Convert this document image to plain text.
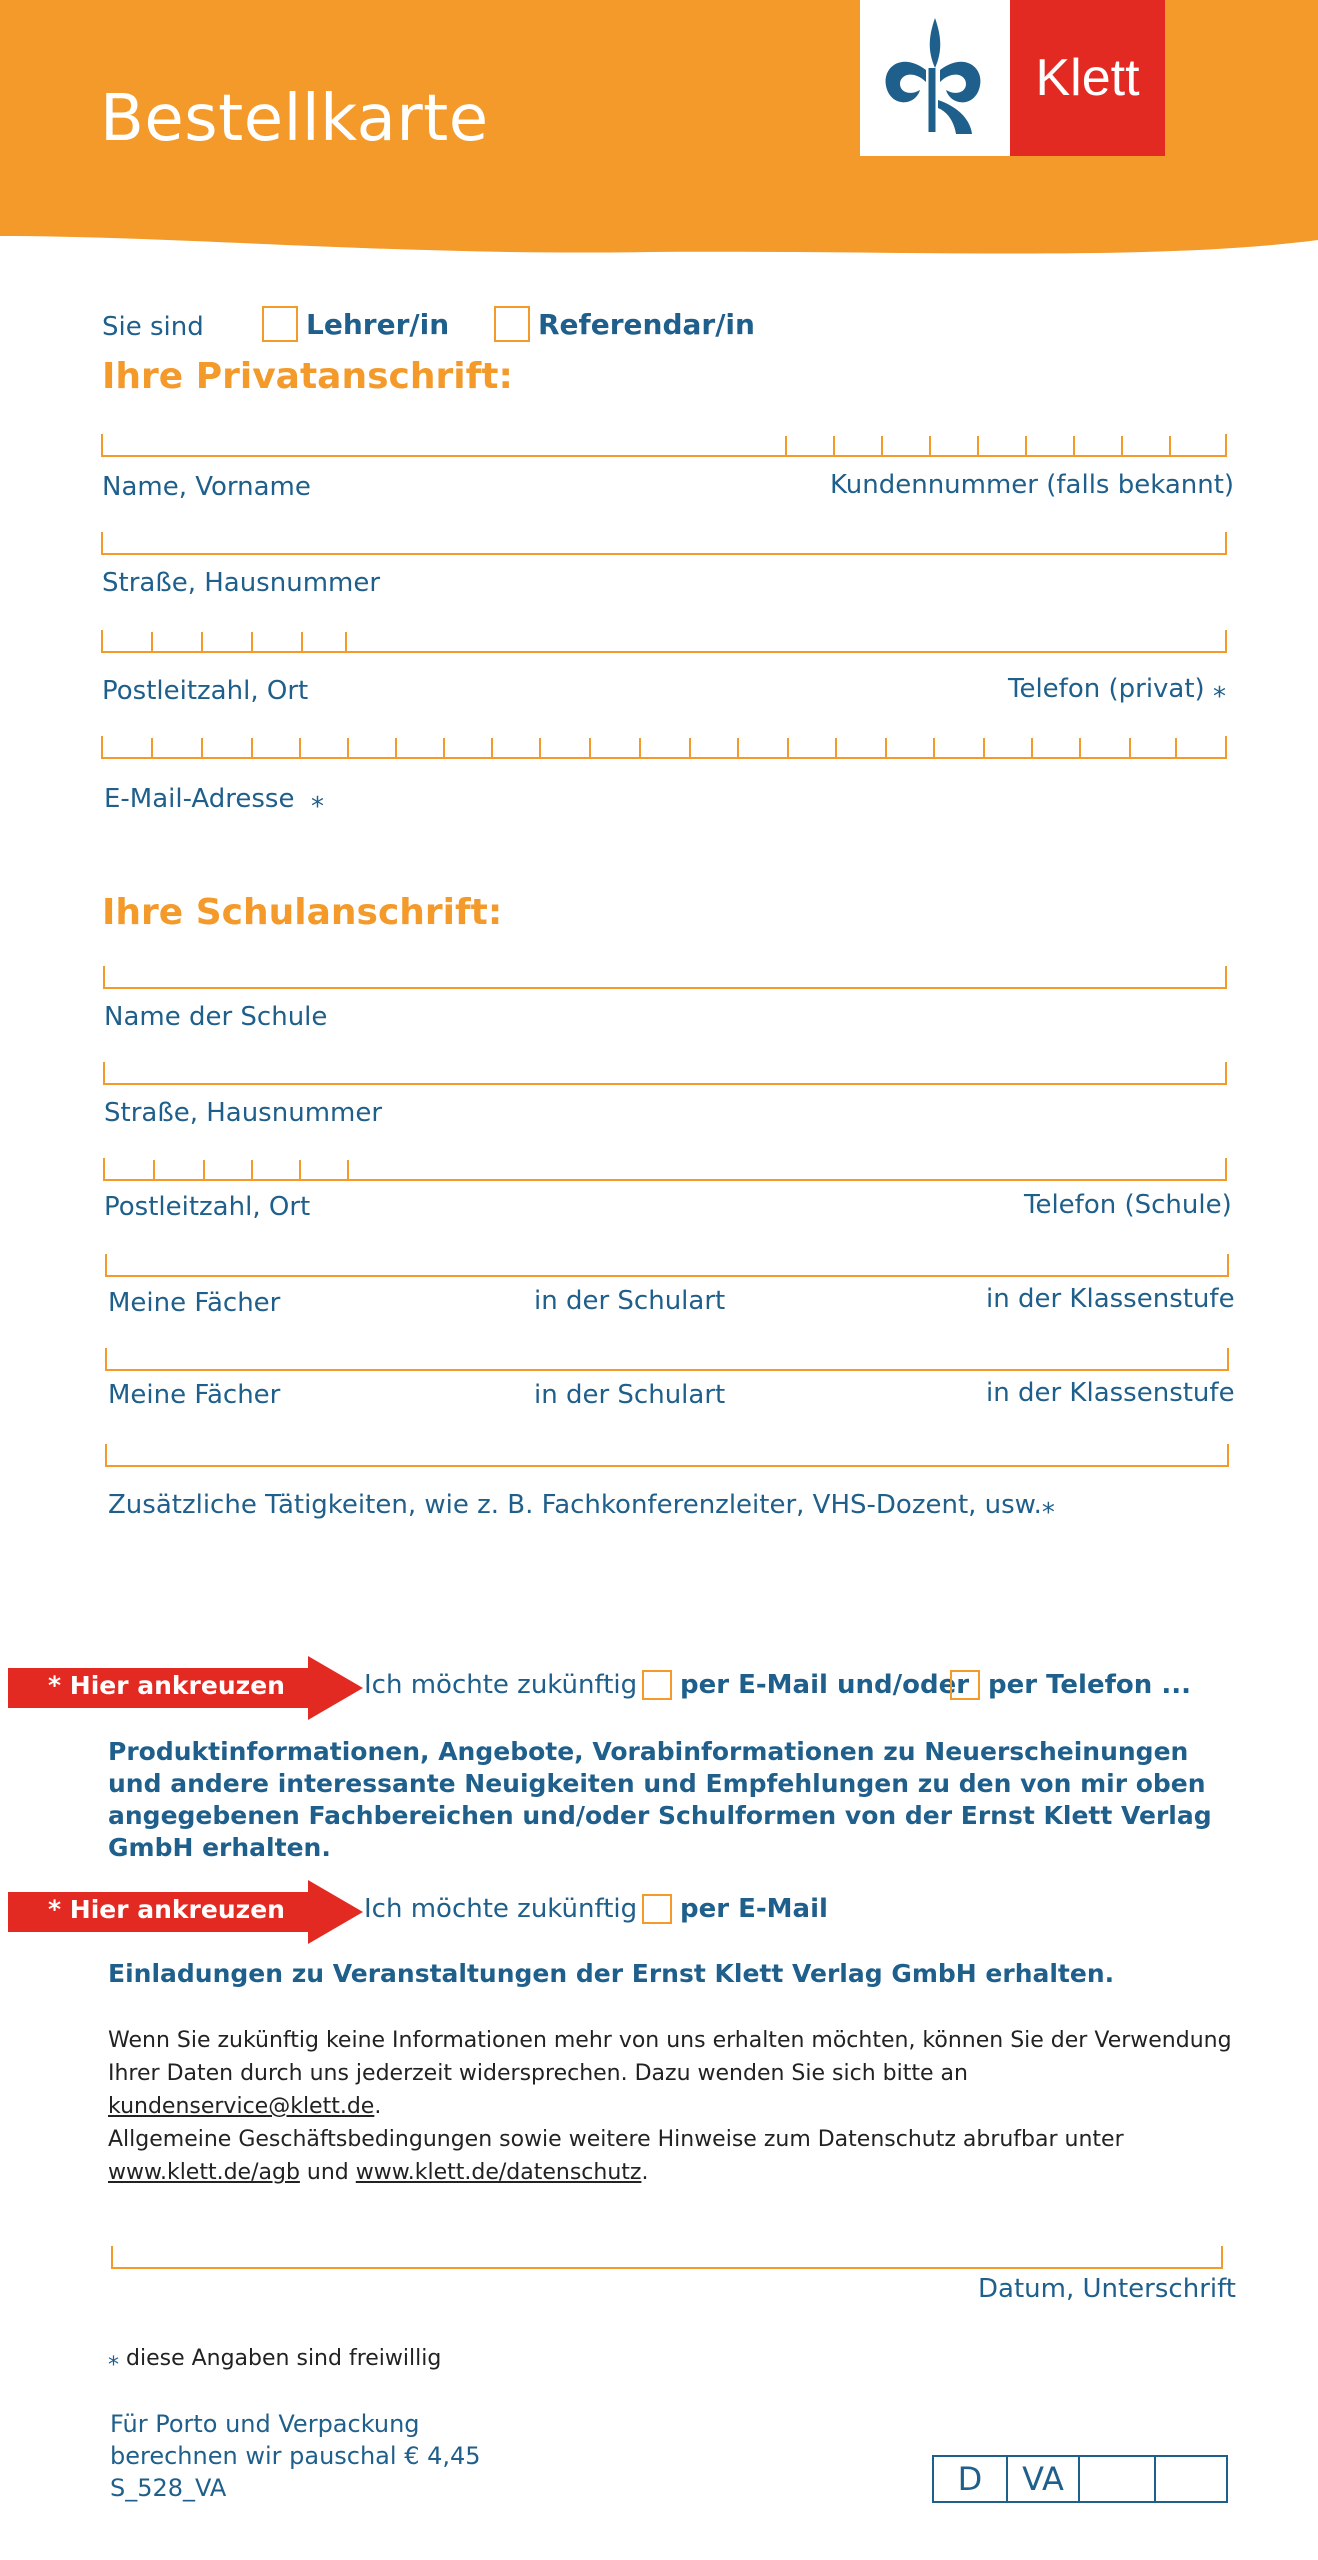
Bestellkarte
Klett
Sie sind	Lehrer/in	Referendar/in
Ihre Privatanschrift:
Name, Vorname	Kundennummer (falls bekannt)
Straße, Hausnummer
Postleitzahl, Ort	Telefon (privat) ⁎
E-Mail-Adresse ⁎
Ihre Schulanschrift:
Name der Schule
Straße, Hausnummer
Postleitzahl, Ort	Telefon (Schule)
Meine Fächer	in der Schulart	in der Klassenstufe
Meine Fächer	in der Schulart	in der Klassenstufe
Zusätzliche Tätigkeiten, wie z. B. Fachkonferenzleiter, VHS-Dozent, usw.⁎
* Hier ankreuzen	Ich möchte zukünftig per E-Mail und/oder per Telefon ...
Produktinformationen, Angebote, Vorabinformationen zu Neuerscheinungen und andere interessante Neuigkeiten und Empfehlungen zu den von mir oben angegebenen Fachbereichen und/oder Schulformen von der Ernst Klett Verlag GmbH erhalten.
* Hier ankreuzen	Ich möchte zukünftig per E-Mail
Einladungen zu Veranstaltungen der Ernst Klett Verlag GmbH erhalten.
Wenn Sie zukünftig keine Informationen mehr von uns erhalten möchten, können Sie der Verwendung
Ihrer Daten durch uns jederzeit widersprechen. Dazu wenden Sie sich bitte an kundenservice@klett.de.
Allgemeine Geschäftsbedingungen sowie weitere Hinweise zum Datenschutz abrufbar unter
www.klett.de/agb und www.klett.de/datenschutz.
Datum, Unterschrift
⁎ diese Angaben sind freiwillig
Für Porto und Verpackung
berechnen wir pauschal € 4,45
S_528_VA	D	VA
